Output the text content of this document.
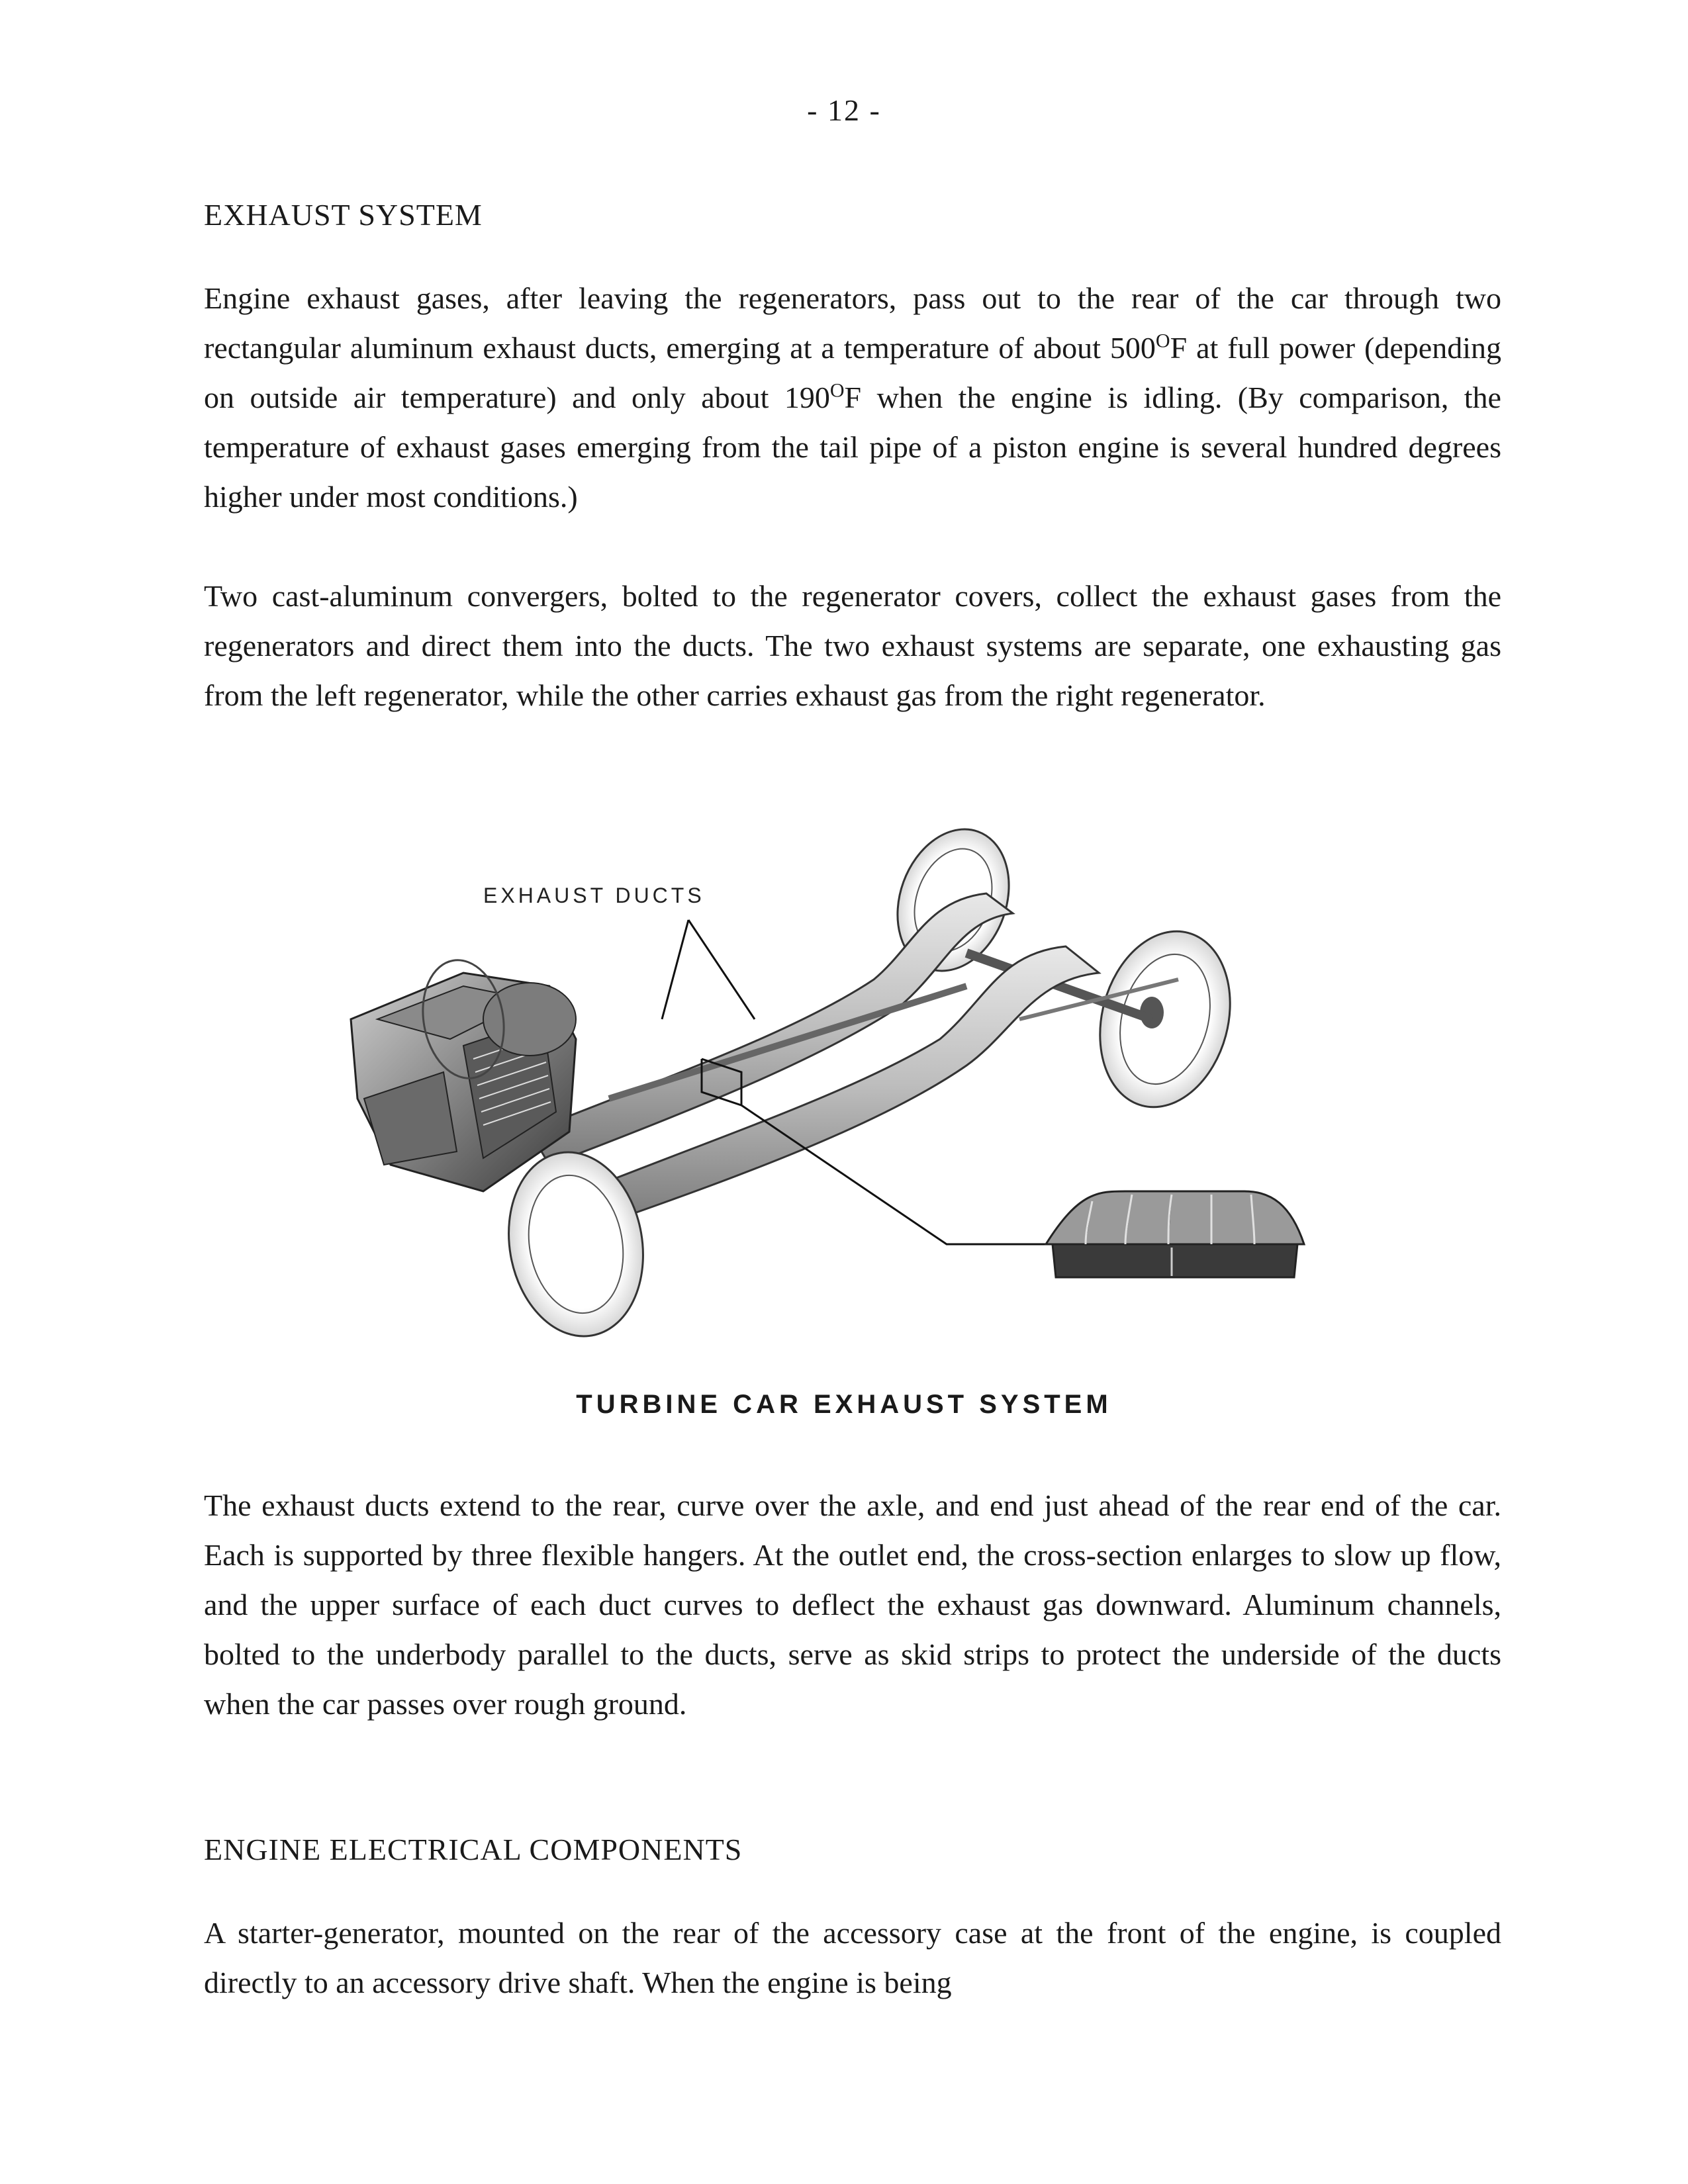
- 12 -
EXHAUST SYSTEM

Engine exhaust gases, after leaving the regenerators, pass out to the rear of the car through two rectangular aluminum exhaust ducts, emerging at a temperature of about $500^OF$ at full power (depending on outside air temperature) and only about $190^OF$ when the engine is idling. (By comparison, the temperature of exhaust gases emerging from the tail pipe of a piston engine is several hundred degrees higher under most conditions.)

Two cast-aluminum convergers, bolted to the regenerator covers, collect the exhaust gases from the regenerators and direct them into the ducts. The two exhaust systems are separate, one exhausting gas from the left regenerator, while the other carries exhaust gas from the right regenerator.

EXHAUST DUCTS
TURBINE CAR EXHAUST SYSTEM

The exhaust ducts extend to the rear, curve over the axle, and end just ahead of the rear end of the car. Each is supported by three flexible hangers. At the outlet end, the cross-section enlarges to slow up flow, and the upper surface of each duct curves to deflect the exhaust gas downward. Aluminum channels, bolted to the underbody parallel to the ducts, serve as skid strips to protect the underside of the ducts when the car passes over rough ground.

ENGINE ELECTRICAL COMPONENTS

A starter-generator, mounted on the rear of the accessory case at the front of the engine, is coupled directly to an accessory drive shaft. When the engine is being
